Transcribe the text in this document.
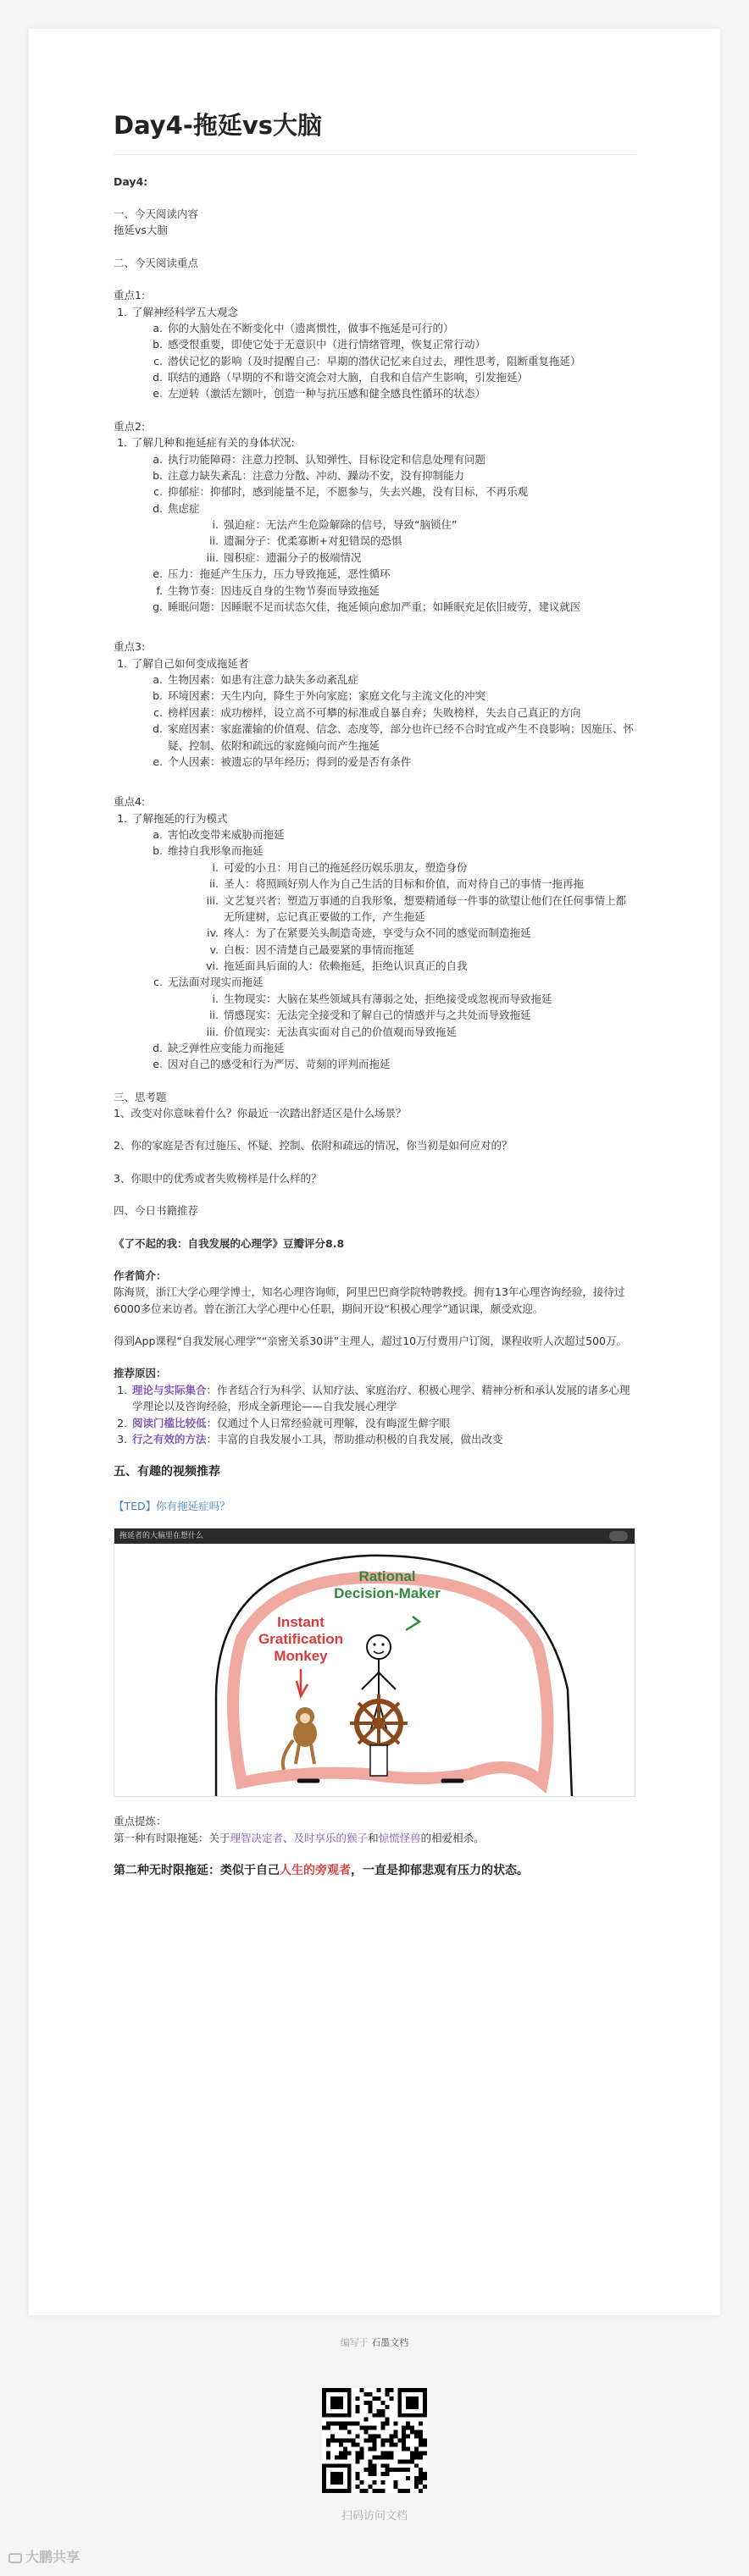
Day4-拖延vs大脑

Day4:

一、今天阅读内容

拖延vs大脑

二、今天阅读重点

重点1:

1. 了解神经科学五大观念
a. 你的大脑处在不断变化中（遗离惯性，做事不拖延是可行的）
b. 感受很重要，即使它处于无意识中（进行情绪管理，恢复正常行动）
c. 潜伏记忆的影响（及时提醒自己：早期的潜伏记忆来自过去，理性思考，阻断重复拖延）
d. 联结的通路（早期的不和谐交流会对大脑，自我和自信产生影响，引发拖延）
e. 左逆转（激活左额叶，创造一种与抗压感和健全感良性循环的状态）

重点2:

1. 了解几种和拖延症有关的身体状况:
a. 执行功能障碍：注意力控制、认知弹性、目标设定和信息处理有问题
b. 注意力缺失紊乱：注意力分散、冲动、躁动不安，没有抑制能力
c. 抑郁症：抑郁时，感到能量不足，不愿参与，失去兴趣，没有目标，不再乐观
d. 焦虑症
i. 强迫症：无法产生危险解除的信号，导致“脑锁住”
ii. 遗漏分子：优柔寡断+对犯错误的恐惧
iii. 囤积症：遗漏分子的极端情况
e. 压力：拖延产生压力，压力导致拖延，恶性循环
f. 生物节奏：因违反自身的生物节奏而导致拖延
g. 睡眠问题：因睡眠不足而状态欠佳，拖延倾向愈加严重；如睡眠充足依旧疲劳，建议就医

重点3:

1. 了解自己如何变成拖延者
a. 生物因素：如患有注意力缺失多动紊乱症
b. 环境因素：天生内向，降生于外向家庭；家庭文化与主流文化的冲突
c. 榜样因素：成功榜样，设立高不可攀的标准或自暴自弃；失败榜样，失去自己真正的方向
d. 家庭因素：家庭灌输的价值观、信念、态度等，部分也许已经不合时宜或产生不良影响；因施压、怀疑、控制、依附和疏远的家庭倾向而产生拖延
e. 个人因素：被遗忘的早年经历；得到的爱是否有条件

重点4:

1. 了解拖延的行为模式
a. 害怕改变带来威胁而拖延
b. 维持自我形象而拖延
i. 可爱的小丑：用自己的拖延经历娱乐朋友，塑造身份
ii. 圣人：将照顾好别人作为自己生活的目标和价值，而对待自己的事情一拖再拖
iii. 文艺复兴者：塑造万事通的自我形象，想要精通每一件事的欲望让他们在任何事情上都无所建树，忘记真正要做的工作，产生拖延
iv. 疼人：为了在紧要关头制造奇迹，享受与众不同的感觉而制造拖延
v. 白板：因不清楚自己最要紧的事情而拖延
vi. 拖延面具后面的人：依赖拖延，拒绝认识真正的自我
c. 无法面对现实而拖延
i. 生物现实：大脑在某些领域具有薄弱之处，拒绝接受或忽视而导致拖延
ii. 情感现实：无法完全接受和了解自己的情感并与之共处而导致拖延
iii. 价值现实：无法真实面对自己的价值观而导致拖延
d. 缺乏弹性应变能力而拖延
e. 因对自己的感受和行为严厉、苛刻的评判而拖延

三、思考题

1、改变对你意味着什么？你最近一次踏出舒适区是什么场景？

2、你的家庭是否有过施压、怀疑、控制、依附和疏远的情况，你当初是如何应对的？

3、你眼中的优秀或者失败榜样是什么样的？

四、今日书籍推荐

《了不起的我：自我发展的心理学》豆瓣评分8.8

作者简介：

陈海贤，浙江大学心理学博士，知名心理咨询师，阿里巴巴商学院特聘教授。拥有13年心理咨询经验，接待过6000多位来访者。曾在浙江大学心理中心任职，期间开设“积极心理学”通识课，颇受欢迎。

得到App课程“自我发展心理学”“亲密关系30讲”主理人，超过10万付费用户订阅，课程收听人次超过500万。

推荐原因：

1. 理论与实际集合：作者结合行为科学、认知疗法、家庭治疗、积极心理学、精神分析和承认发展的诸多心理学理论以及咨询经验，形成全新理论——自我发展心理学
2. 阅读门槛比较低：仅通过个人日常经验就可理解，没有晦涩生僻字眼
3. 行之有效的方法：丰富的自我发展小工具，帮助推动积极的自我发展，做出改变

五、有趣的视频推荐

【TED】你有拖延症吗？

拖延者的大脑里在想什么
Rational
Decision-Maker
Instant
Gratification
Monkey

重点提炼：

第一种有时限拖延：关于理智决定者、及时享乐的猴子和惊慌怪兽的相爱相杀。

第二种无时限拖延：类似于自己人生的旁观者，一直是抑郁悲观有压力的状态。

编写于 石墨文档
扫码访问文档
大鹏共享
